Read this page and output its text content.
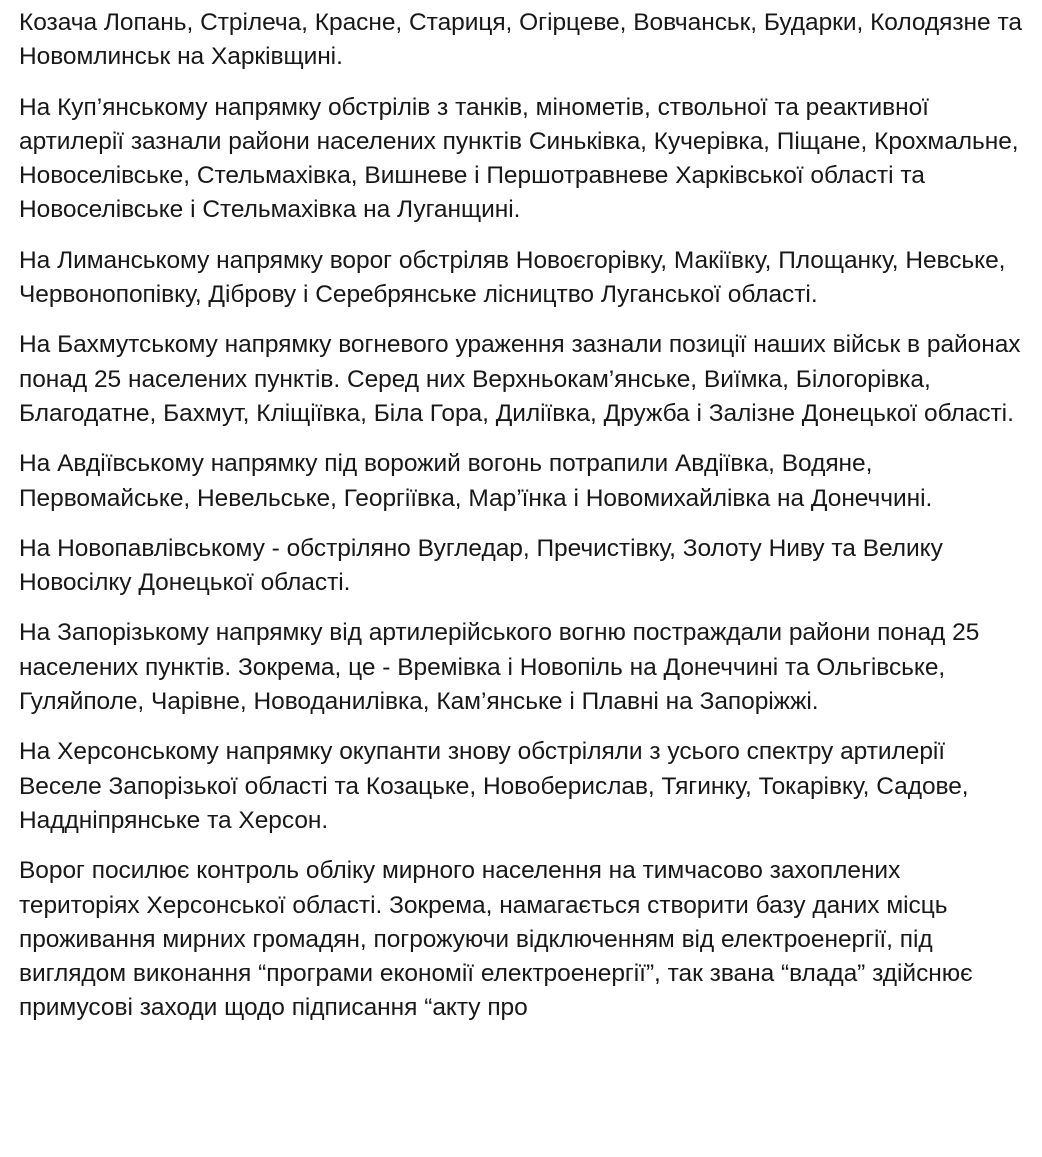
Козача Лопань, Стрілеча, Красне, Стариця, Огірцеве, Вовчанськ, Бударки, Колодязне та Новомлинськ на Харківщині.

На Куп’янському напрямку обстрілів з танків, мінометів, ствольної та реактивної артилерії зазнали райони населених пунктів Синьківка, Кучерівка, Піщане, Крохмальне, Новоселівське, Стельмахівка, Вишневе і Першотравневе Харківської області та Новоселівське і Стельмахівка на Луганщині.

На Лиманському напрямку ворог обстріляв Новоєгорівку, Макіївку, Площанку, Невське, Червонопопівку, Діброву і Серебрянське лісництво Луганської області.

На Бахмутському напрямку вогневого ураження зазнали позиції наших військ в районах понад 25 населених пунктів. Серед них Верхньокам’янське, Виїмка, Білогорівка, Благодатне, Бахмут, Кліщіївка, Біла Гора, Диліївка, Дружба і Залізне Донецької області.

На Авдіївському напрямку під ворожий вогонь потрапили Авдіївка, Водяне, Первомайське, Невельське, Георгіївка, Мар’їнка і Новомихайлівка на Донеччині.

На Новопавлівському - обстріляно Вугледар, Пречистівку, Золоту Ниву та Велику Новосілку Донецької області.

На Запорізькому напрямку від артилерійського вогню постраждали райони понад 25 населених пунктів. Зокрема, це - Времівка і Новопіль на Донеччині та Ольгівське, Гуляйполе, Чарівне, Новоданилівка, Кам’янське і Плавні на Запоріжжі.

На Херсонському напрямку окупанти знову обстріляли з усього спектру артилерії Веселе Запорізької області та Козацьке, Новоберислав, Тягинку, Токарівку, Садове, Наддніпрянське та Херсон.

Ворог посилює контроль обліку мирного населення на тимчасово захоплених територіях Херсонської області. Зокрема, намагається створити базу даних місць проживання мирних громадян, погрожуючи відключенням від електроенергії, під виглядом виконання “програми економії електроенергії”, так звана “влада” здійснює примусові заходи щодо підписання “акту про
